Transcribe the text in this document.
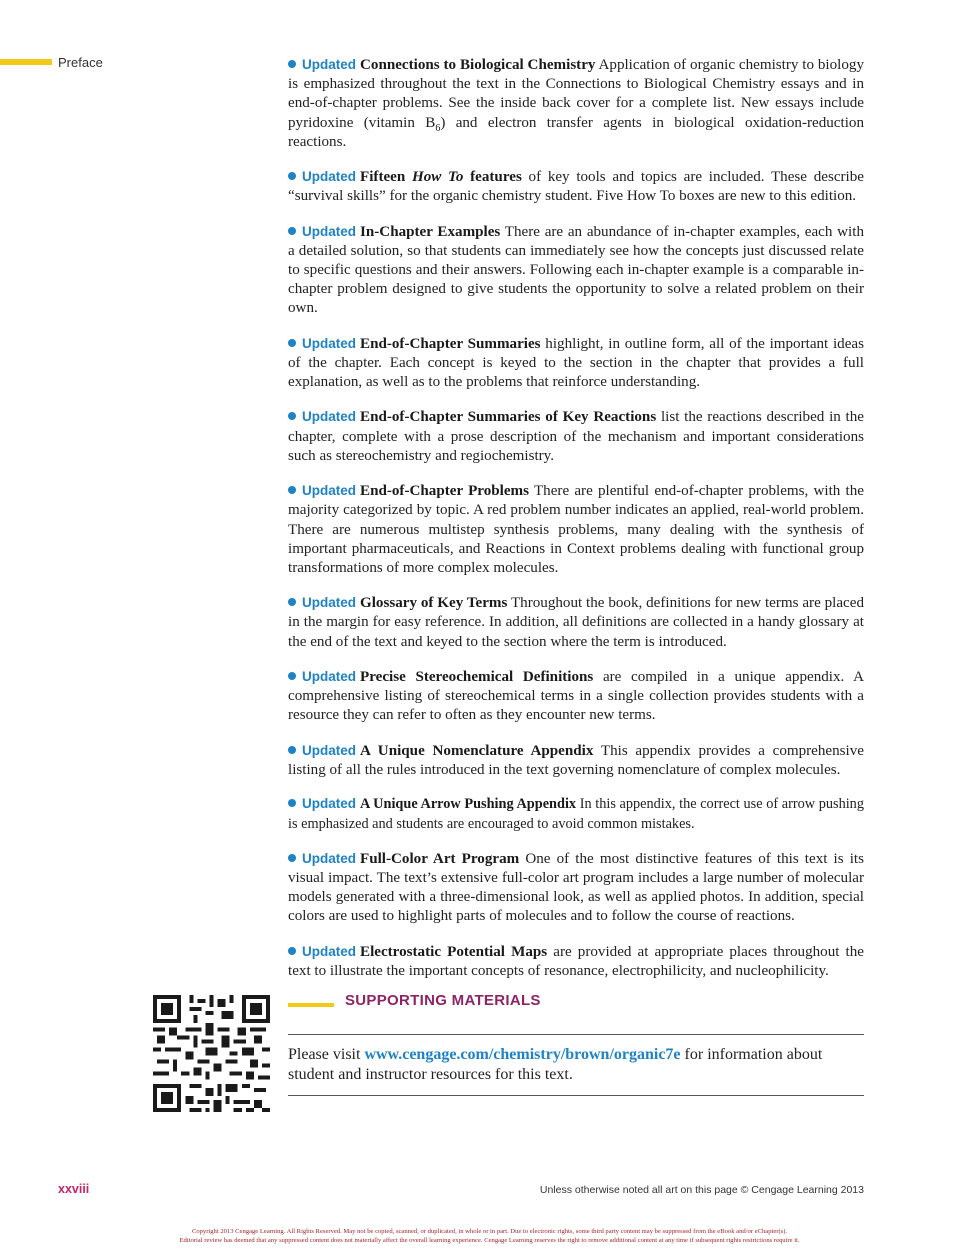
Preface	Updated Connections to Biological Chemistry Application of organic chemistry to biology is emphasized throughout the text in the Connections to Biological Chemistry essays and in end-of-chapter problems. See the inside back cover for a complete list. New essays include pyridoxine (vitamin $B_6$) and electron transfer agents in biological oxidation-reduction reactions.

Updated Fifteen How To features of key tools and topics are included. These describe “survival skills” for the organic chemistry student. Five How To boxes are new to this edition.

Updated In-Chapter Examples There are an abundance of in-chapter examples, each with a detailed solution, so that students can immediately see how the concepts just discussed relate to specific questions and their answers. Following each in-chapter example is a comparable in-chapter problem designed to give students the opportunity to solve a related problem on their own.

Updated End-of-Chapter Summaries highlight, in outline form, all of the important ideas of the chapter. Each concept is keyed to the section in the chapter that provides a full explanation, as well as to the problems that reinforce understanding.

Updated End-of-Chapter Summaries of Key Reactions list the reactions described in the chapter, complete with a prose description of the mechanism and important considerations such as stereochemistry and regiochemistry.

Updated End-of-Chapter Problems There are plentiful end-of-chapter problems, with the majority categorized by topic. A red problem number indicates an applied, real-world problem. There are numerous multistep synthesis problems, many dealing with the synthesis of important pharmaceuticals, and Reactions in Context problems dealing with functional group transformations of more complex molecules.

Updated Glossary of Key Terms Throughout the book, definitions for new terms are placed in the margin for easy reference. In addition, all definitions are collected in a handy glossary at the end of the text and keyed to the section where the term is introduced.

Updated Precise Stereochemical Definitions are compiled in a unique appendix. A comprehensive listing of stereochemical terms in a single collection provides students with a resource they can refer to often as they encounter new terms.

Updated A Unique Nomenclature Appendix This appendix provides a comprehensive listing of all the rules introduced in the text governing nomenclature of complex molecules.

Updated A Unique Arrow Pushing Appendix In this appendix, the correct use of arrow pushing is emphasized and students are encouraged to avoid common mistakes.

Updated Full-Color Art Program One of the most distinctive features of this text is its visual impact. The text’s extensive full-color art program includes a large number of molecular models generated with a three-dimensional look, as well as applied photos. In addition, special colors are used to highlight parts of molecules and to follow the course of reactions.

Updated Electrostatic Potential Maps are provided at appropriate places throughout the text to illustrate the important concepts of resonance, electrophilicity, and nucleophilicity.

SUPPORTING MATERIALS
Please visit www.cengage.com/chemistry/brown/organic7e for information about student and instructor resources for this text.
xxviii	Unless otherwise noted all art on this page © Cengage Learning 2013
Copyright 2013 Cengage Learning. All Rights Reserved. May not be copied, scanned, or duplicated, in whole or in part. Due to electronic rights, some third party content may be suppressed from the eBook and/or eChapter(s).
Editorial review has deemed that any suppressed content does not materially affect the overall learning experience. Cengage Learning reserves the right to remove additional content at any time if subsequent rights restrictions require it.
